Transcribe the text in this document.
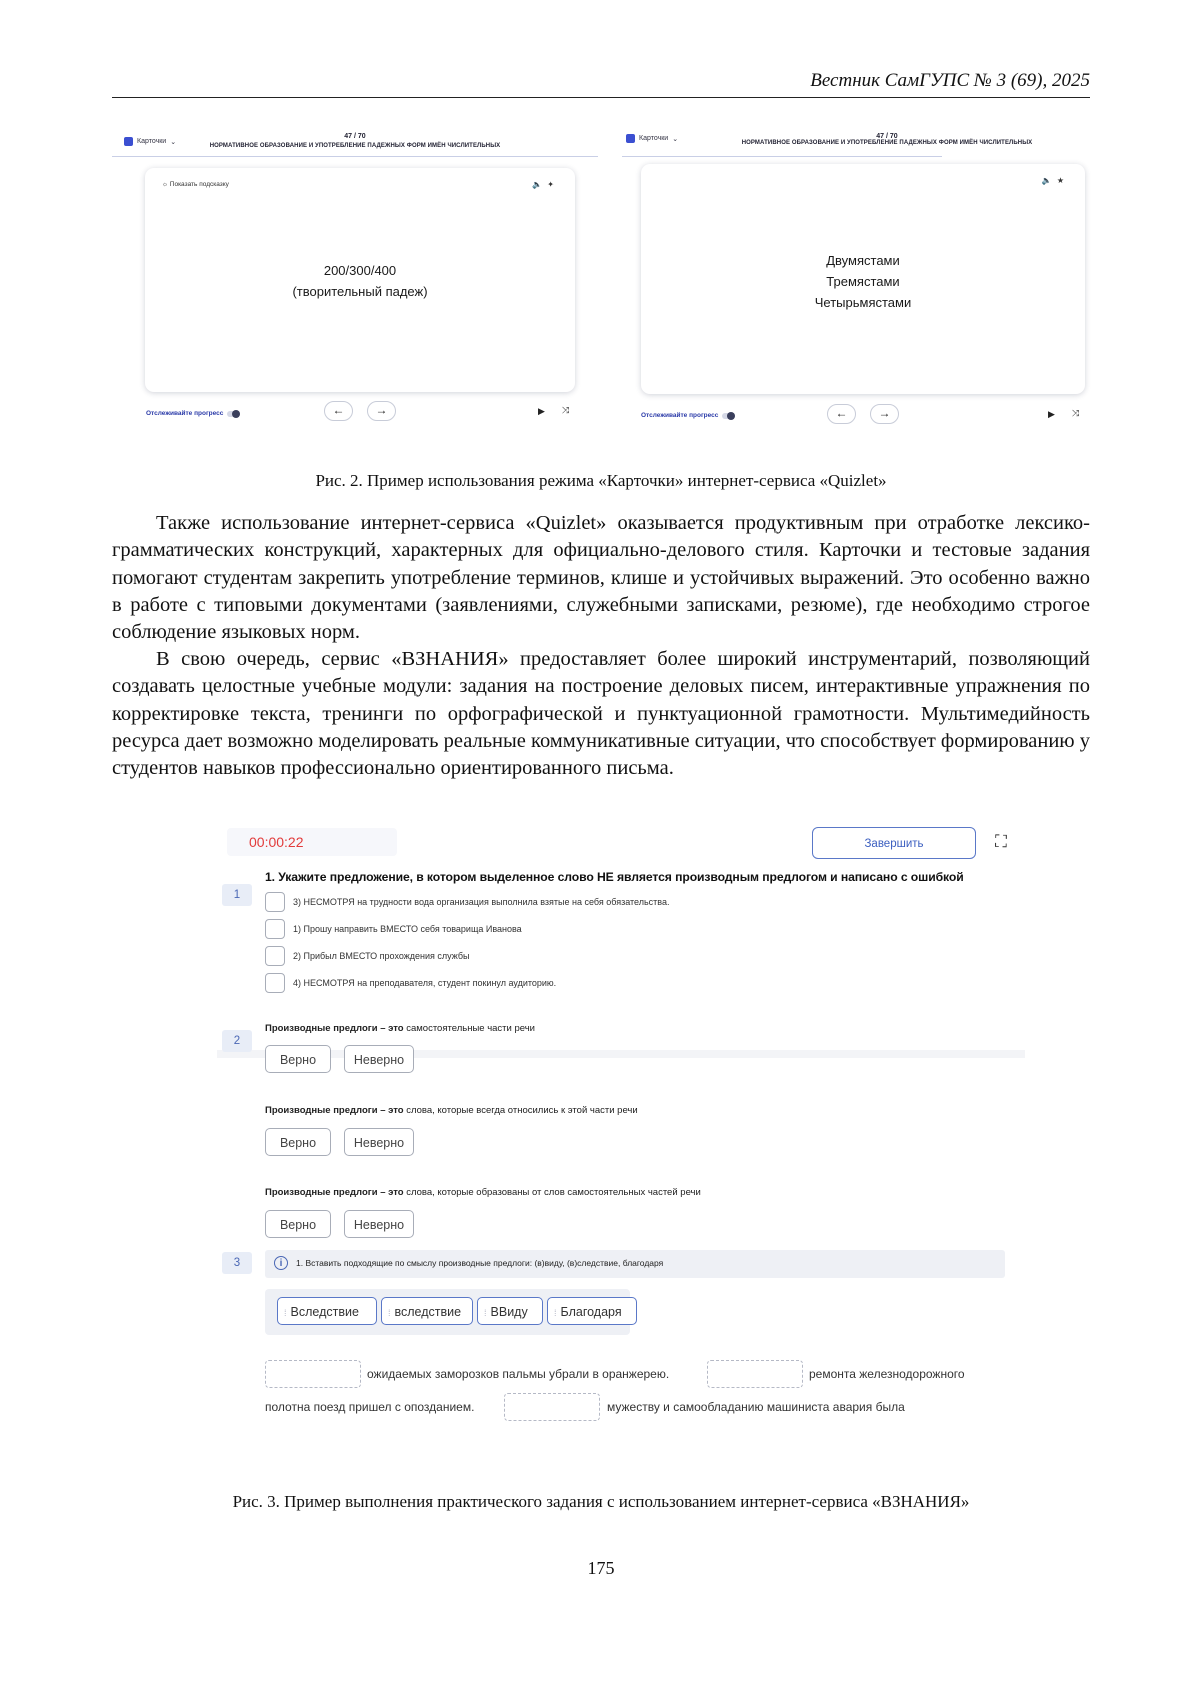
Вестник СамГУПС № 3 (69), 2025
Карточки ⌄
47 / 70
НОРМАТИВНОЕ ОБРАЗОВАНИЕ И УПОТРЕБЛЕНИЕ ПАДЕЖНЫХ ФОРМ ИМЁН ЧИСЛИТЕЛЬНЫХ
☼ Показать подсказку	🔈✦
200/300/400
(творительный падеж)
Отслеживайте прогресс	←	→	▶ ⤨
Карточки ⌄	47 / 70
НОРМАТИВНОЕ ОБРАЗОВАНИЕ И УПОТРЕБЛЕНИЕ ПАДЕЖНЫХ ФОРМ ИМЁН ЧИСЛИТЕЛЬНЫХ
🔈★
Двумястами
Тремястами
Четырьмястами
Отслеживайте прогресс	←	→	▶ ⤨
Рис. 2. Пример использования режима «Карточки» интернет-сервиса «Quizlet»

Также использование интернет-сервиса «Quizlet» оказывается продуктивным при отработке лексико-грамматических конструкций, характерных для официально-делового стиля. Карточки и тестовые задания помогают студентам закрепить употребление терминов, клише и устойчивых выражений. Это особенно важно в работе с типовыми документами (заявлениями, служебными записками, резюме), где необходимо строгое соблюдение языковых норм.

В свою очередь, сервис «ВЗНАНИЯ» предоставляет более широкий инструментарий, позволяющий создавать целостные учебные модули: задания на построение деловых писем, интерактивные упражнения по корректировке текста, тренинги по орфографической и пунктуационной грамотности. Мультимедийность ресурса дает возможно моделировать реальные коммуникативные ситуации, что способствует формированию у студентов навыков профессионально ориентированного письма.

00:00:22	Завершить	⛶
1
1. Укажите предложение, в котором выделенное слово НЕ является производным предлогом и написано с ошибкой
3) НЕСМОТРЯ на трудности вода организация выполнила взятые на себя обязательства.
1) Прошу направить ВМЕСТО себя товарища Иванова
2) Прибыл ВМЕСТО прохождения службы
4) НЕСМОТРЯ на преподавателя, студент покинул аудиторию.
2
Производные предлоги – это самостоятельные части речи
Верно	Неверно
Производные предлоги – это слова, которые всегда относились к этой части речи
Верно	Неверно
Производные предлоги – это слова, которые образованы от слов самостоятельных частей речи
Верно	Неверно
3	i	1. Вставить подходящие по смыслу производные предлоги: (в)виду, (в)следствие, благодаря
⁞ Вследствие	⁞ вследствие	⁞ ВВиду	⁞ Благодаря
ожидаемых заморозков пальмы убрали в оранжерею.	ремонта железнодорожного
полотна поезд пришел с опозданием.	мужеству и самообладанию машиниста авария была
Рис. 3. Пример выполнения практического задания с использованием интернет-сервиса «ВЗНАНИЯ»
175
